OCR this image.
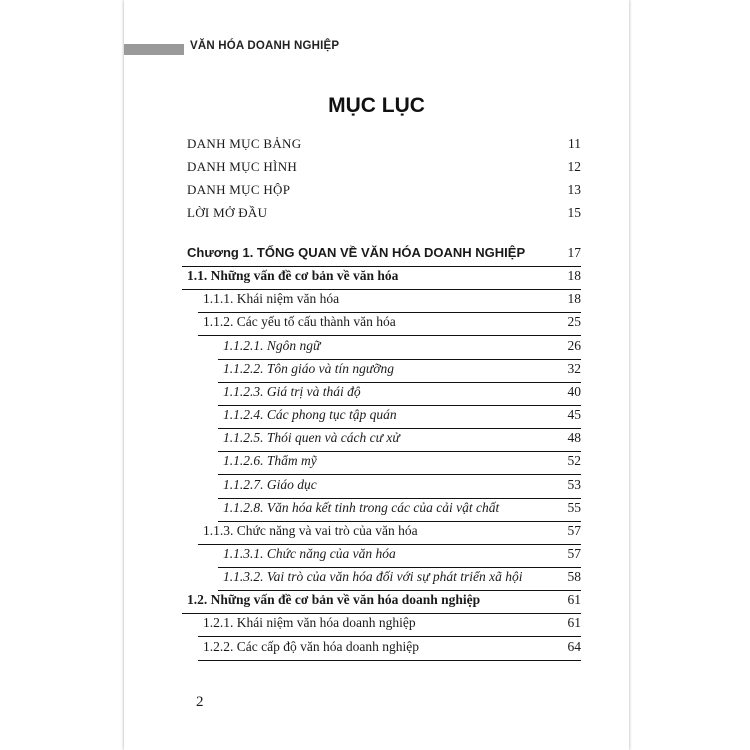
VĂN HÓA DOANH NGHIỆP
MỤC LỤC
DANH MỤC BẢNG	11
DANH MỤC HÌNH	12
DANH MỤC HỘP	13
LỜI MỞ ĐẦU	15
Chương 1. TỔNG QUAN VỀ VĂN HÓA DOANH NGHIỆP	17
1.1. Những vấn đề cơ bản về văn hóa	18
1.1.1. Khái niệm văn hóa	18
1.1.2. Các yếu tố cấu thành văn hóa	25
1.1.2.1. Ngôn ngữ	26
1.1.2.2. Tôn giáo và tín ngưỡng	32
1.1.2.3. Giá trị và thái độ	40
1.1.2.4. Các phong tục tập quán	45
1.1.2.5. Thói quen và cách cư xử	48
1.1.2.6. Thẩm mỹ	52
1.1.2.7. Giáo dục	53
1.1.2.8. Văn hóa kết tinh trong các của cải vật chất	55
1.1.3. Chức năng và vai trò của văn hóa	57
1.1.3.1. Chức năng của văn hóa	57
1.1.3.2. Vai trò của văn hóa đối với sự phát triển xã hội	58
1.2. Những vấn đề cơ bản về văn hóa doanh nghiệp	61
1.2.1. Khái niệm văn hóa doanh nghiệp	61
1.2.2. Các cấp độ văn hóa doanh nghiệp	64
2
